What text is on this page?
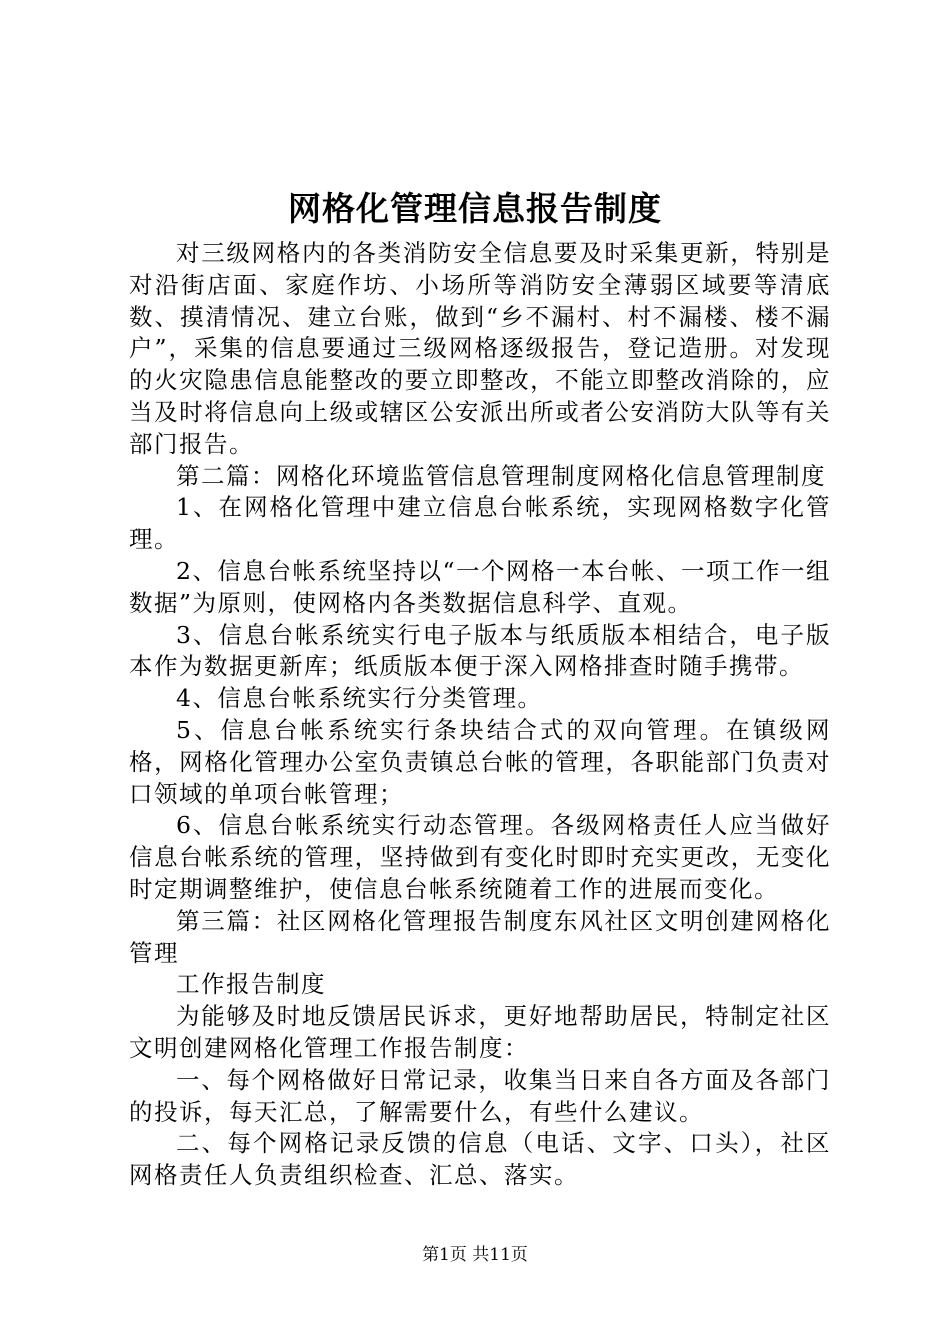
网格化管理信息报告制度

对三级网格内的各类消防安全信息要及时采集更新，特别是对沿街店面、家庭作坊、小场所等消防安全薄弱区域要等清底数、摸清情况、建立台账，做到“乡不漏村、村不漏楼、楼不漏户”，采集的信息要通过三级网格逐级报告，登记造册。对发现的火灾隐患信息能整改的要立即整改，不能立即整改消除的，应当及时将信息向上级或辖区公安派出所或者公安消防大队等有关部门报告。

第二篇：网格化环境监管信息管理制度网格化信息管理制度

1、在网格化管理中建立信息台帐系统，实现网格数字化管理。

2、信息台帐系统坚持以“一个网格一本台帐、一项工作一组数据”为原则，使网格内各类数据信息科学、直观。

3、信息台帐系统实行电子版本与纸质版本相结合，电子版本作为数据更新库；纸质版本便于深入网格排查时随手携带。

4、信息台帐系统实行分类管理。

5、信息台帐系统实行条块结合式的双向管理。在镇级网格，网格化管理办公室负责镇总台帐的管理，各职能部门负责对口领域的单项台帐管理；

6、信息台帐系统实行动态管理。各级网格责任人应当做好信息台帐系统的管理，坚持做到有变化时即时充实更改，无变化时定期调整维护，使信息台帐系统随着工作的进展而变化。

第三篇：社区网格化管理报告制度东风社区文明创建网格化管理

工作报告制度

为能够及时地反馈居民诉求，更好地帮助居民，特制定社区文明创建网格化管理工作报告制度：

一、每个网格做好日常记录，收集当日来自各方面及各部门的投诉，每天汇总，了解需要什么，有些什么建议。

二、每个网格记录反馈的信息（电话、文字、口头），社区网格责任人负责组织检查、汇总、落实。

第1页 共11页
